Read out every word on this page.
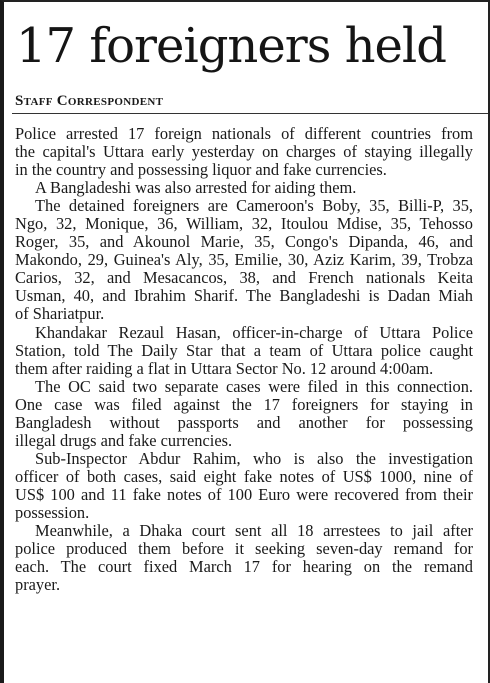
17 foreigners held
Staff Correspondent

Police arrested 17 foreign nationals of different countries from
the capital's Uttara early yesterday on charges of staying illegally
in the country and possessing liquor and fake currencies.

A Bangladeshi was also arrested for aiding them.

The detained foreigners are Cameroon's Boby, 35, Billi-P, 35,
Ngo, 32, Monique, 36, William, 32, Itoulou Mdise, 35, Tehosso
Roger, 35, and Akounol Marie, 35, Congo's Dipanda, 46, and
Makondo, 29, Guinea's Aly, 35, Emilie, 30, Aziz Karim, 39, Trobza
Carios, 32, and Mesacancos, 38, and French nationals Keita
Usman, 40, and Ibrahim Sharif. The Bangladeshi is Dadan Miah
of Shariatpur.

Khandakar Rezaul Hasan, officer-in-charge of Uttara Police
Station, told The Daily Star that a team of Uttara police caught
them after raiding a flat in Uttara Sector No. 12 around 4:00am.

The OC said two separate cases were filed in this connection.
One case was filed against the 17 foreigners for staying in
Bangladesh without passports and another for possessing
illegal drugs and fake currencies.

Sub-Inspector Abdur Rahim, who is also the investigation
officer of both cases, said eight fake notes of US$ 1000, nine of
US$ 100 and 11 fake notes of 100 Euro were recovered from their
possession.

Meanwhile, a Dhaka court sent all 18 arrestees to jail after
police produced them before it seeking seven-day remand for
each. The court fixed March 17 for hearing on the remand
prayer.
